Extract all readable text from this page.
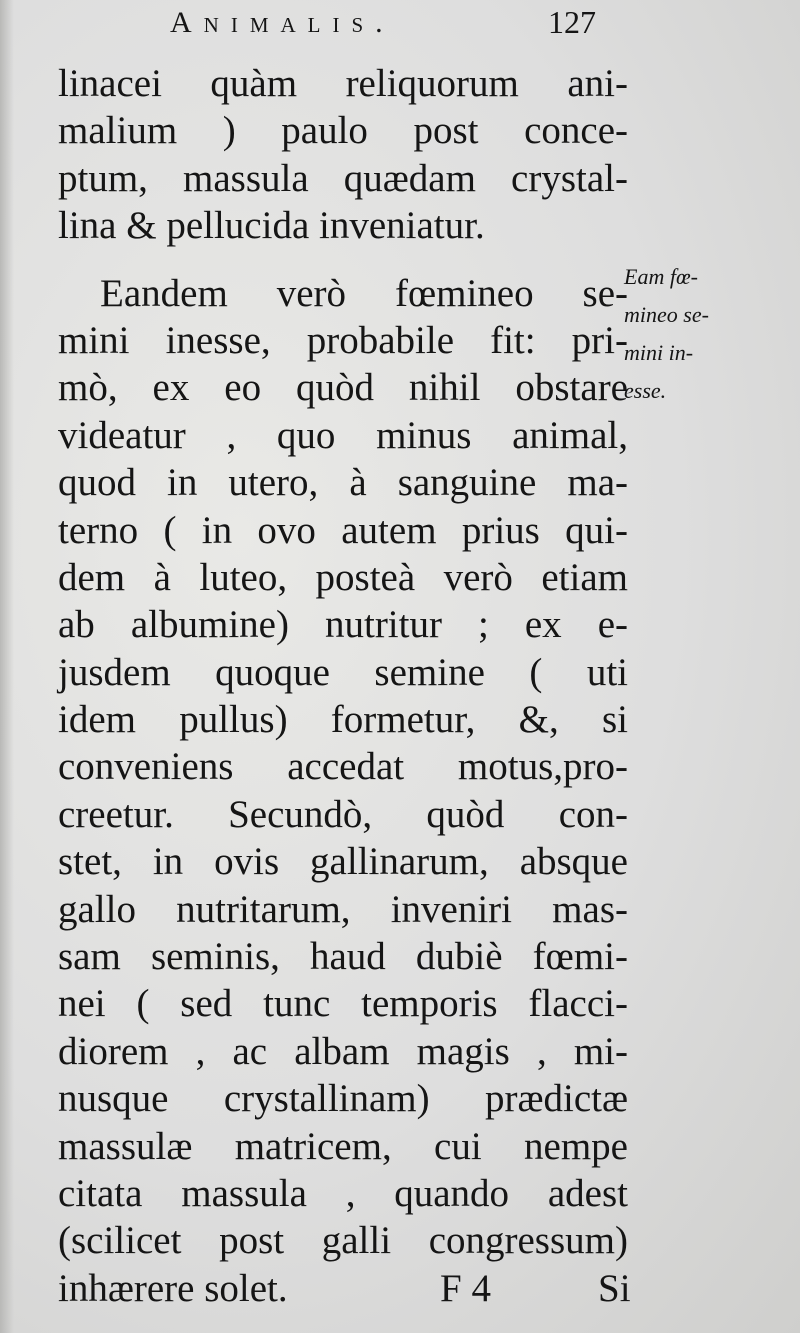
Animalis.	127
linacei quàm reliquorum ani-
malium ) paulo post conce-
ptum, massula quædam crystal-
lina & pellucida inveniatur.
Eandem verò fœmineo se-
mini inesse, probabile fit: pri-
mò, ex eo quòd nihil obstare
videatur , quo minus animal,
quod in utero, à sanguine ma-
terno ( in ovo autem prius qui-
dem à luteo, posteà verò etiam
ab albumine) nutritur ; ex e-
jusdem quoque semine ( uti
idem pullus) formetur, &, si
conveniens accedat motus,pro-
creetur. Secundò, quòd con-
stet, in ovis gallinarum, absque
gallo nutritarum, inveniri mas-
sam seminis, haud dubiè fœmi-
nei ( sed tunc temporis flacci-
diorem , ac albam magis , mi-
nusque crystallinam) prædictæ
massulæ matricem, cui nempe
citata massula , quando adest
(scilicet post galli congressum)
inhærere solet.	F 4	Si
Eam fœ-
mineo se-
mini in-
esse.
